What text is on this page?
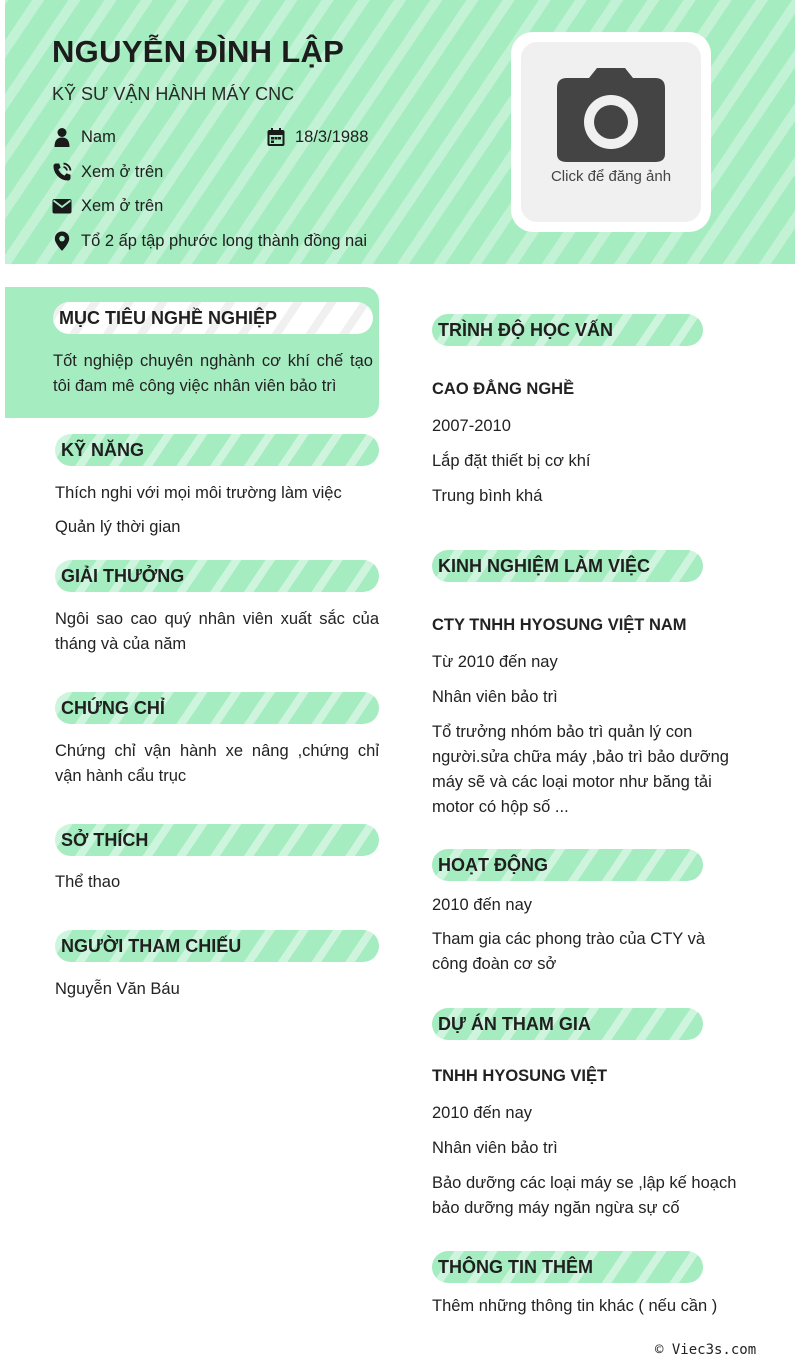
NGUYỄN ĐÌNH LẬP
KỸ SƯ VẬN HÀNH MÁY CNC
Nam	18/3/1988
Xem ở trên
Xem ở trên
Tổ 2 ấp tập phước long thành đồng nai
Click để đăng ảnh
MỤC TIÊU NGHỀ NGHIỆP
Tốt nghiệp chuyên nghành cơ khí chế tạo tôi đam mê công việc nhân viên bảo trì
KỸ NĂNG
Thích nghi với mọi môi trường làm việc
Quản lý thời gian
GIẢI THƯỞNG
Ngôi sao cao quý nhân viên xuất sắc của tháng và của năm
CHỨNG CHỈ
Chứng chỉ vận hành xe nâng ,chứng chỉ vận hành cẩu trục
SỞ THÍCH
Thể thao
NGƯỜI THAM CHIẾU
Nguyễn Văn Báu
TRÌNH ĐỘ HỌC VẤN
CAO ĐẲNG NGHỀ
2007-2010
Lắp đặt thiết bị cơ khí
Trung bình khá
KINH NGHIỆM LÀM VIỆC
CTY TNHH HYOSUNG VIỆT NAM
Từ 2010 đến nay
Nhân viên bảo trì
Tổ trưởng nhóm bảo trì quản lý con người.sửa chữa máy ,bảo trì bảo dưỡng máy sẽ và các loại motor như băng tải motor có hộp số ...
HOẠT ĐỘNG
2010 đến nay
Tham gia các phong trào của CTY và công đoàn cơ sở
DỰ ÁN THAM GIA
TNHH HYOSUNG VIỆT
2010 đến nay
Nhân viên bảo trì
Bảo dưỡng các loại máy se ,lập kế hoạch bảo dưỡng máy ngăn ngừa sự cố
THÔNG TIN THÊM
Thêm những thông tin khác ( nếu cần )
© Viec3s.com
